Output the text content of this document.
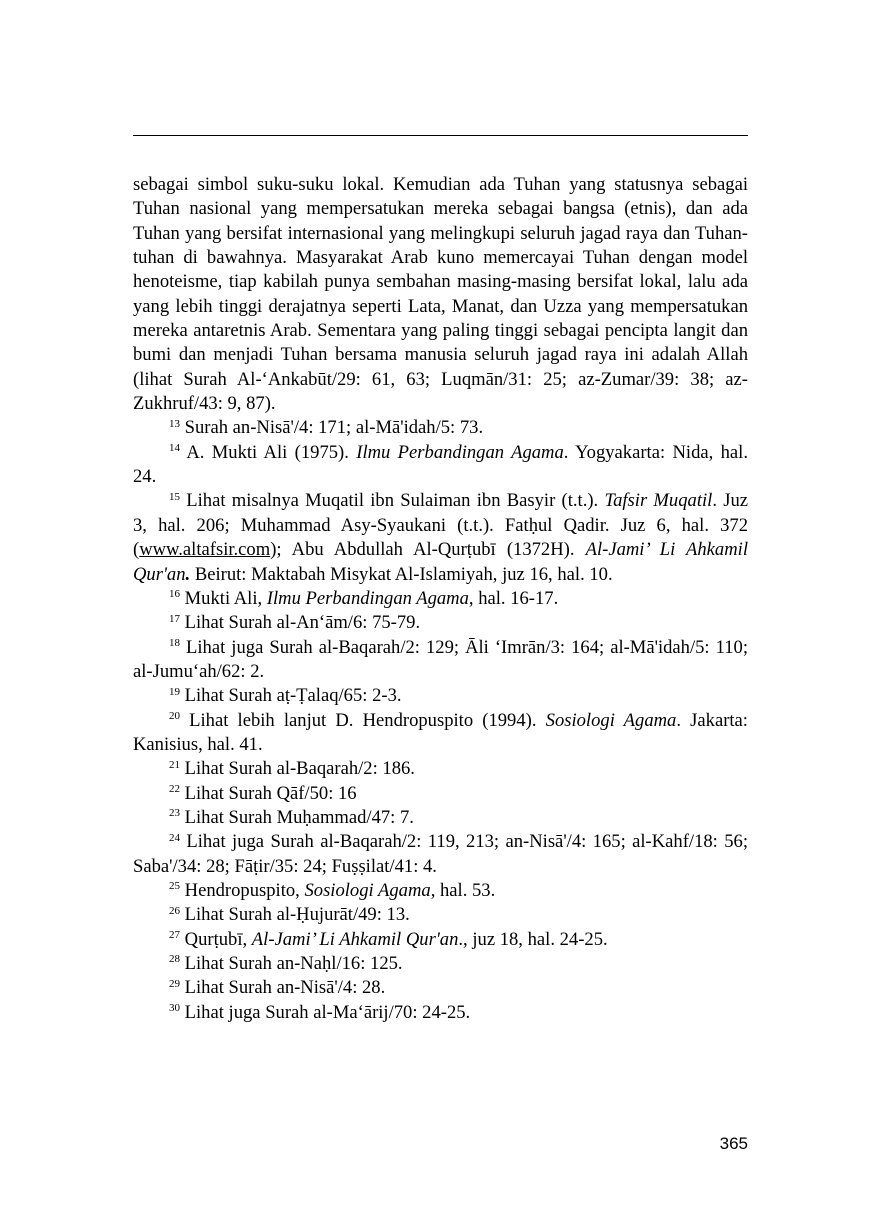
sebagai simbol suku-suku lokal. Kemudian ada Tuhan yang statusnya sebagai Tuhan nasional yang mempersatukan mereka sebagai bangsa (etnis), dan ada Tuhan yang bersifat internasional yang melingkupi seluruh jagad raya dan Tuhan-tuhan di bawahnya. Masyarakat Arab kuno memercayai Tuhan dengan model henoteisme, tiap kabilah punya sembahan masing-masing bersifat lokal, lalu ada yang lebih tinggi derajatnya seperti Lata, Manat, dan Uzza yang mempersatukan mereka antaretnis Arab. Sementara yang paling tinggi sebagai pencipta langit dan bumi dan menjadi Tuhan bersama manusia seluruh jagad raya ini adalah Allah (lihat Surah Al-‘Ankabūt/29: 61, 63; Luqmān/31: 25; az-Zumar/39: 38; az-Zukhruf/43: 9, 87).

$^{13}$ Surah an-Nisā'/4: 171; al-Mā'idah/5: 73.

$^{14}$ A. Mukti Ali (1975). Ilmu Perbandingan Agama. Yogyakarta: Nida, hal. 24.

$^{15}$ Lihat misalnya Muqatil ibn Sulaiman ibn Basyir (t.t.). Tafsir Muqatil. Juz 3, hal. 206; Muhammad Asy-Syaukani (t.t.). Fatḥul Qadir. Juz 6, hal. 372 (www.altafsir.com); Abu Abdullah Al-Qurṭubī (1372H). Al-Jami’ Li Ahkamil Qur'an. Beirut: Maktabah Misykat Al-Islamiyah, juz 16, hal. 10.

$^{16}$ Mukti Ali, Ilmu Perbandingan Agama, hal. 16-17.

$^{17}$ Lihat Surah al-An‘ām/6: 75-79.

$^{18}$ Lihat juga Surah al-Baqarah/2: 129; Āli ‘Imrān/3: 164; al-Mā'idah/5: 110; al-Jumu‘ah/62: 2.

$^{19}$ Lihat Surah aṭ-Ṭalaq/65: 2-3.

$^{20}$ Lihat lebih lanjut D. Hendropuspito (1994). Sosiologi Agama. Jakarta: Kanisius, hal. 41.

$^{21}$ Lihat Surah al-Baqarah/2: 186.

$^{22}$ Lihat Surah Qāf/50: 16

$^{23}$ Lihat Surah Muḥammad/47: 7.

$^{24}$ Lihat juga Surah al-Baqarah/2: 119, 213; an-Nisā'/4: 165; al-Kahf/18: 56; Saba'/34: 28; Fāṭir/35: 24; Fuṣṣilat/41: 4.

$^{25}$ Hendropuspito, Sosiologi Agama, hal. 53.

$^{26}$ Lihat Surah al-Ḥujurāt/49: 13.

$^{27}$ Qurṭubī, Al-Jami’ Li Ahkamil Qur'an., juz 18, hal. 24-25.

$^{28}$ Lihat Surah an-Naḥl/16: 125.

$^{29}$ Lihat Surah an-Nisā'/4: 28.

$^{30}$ Lihat juga Surah al-Ma‘ārij/70: 24-25.

365
